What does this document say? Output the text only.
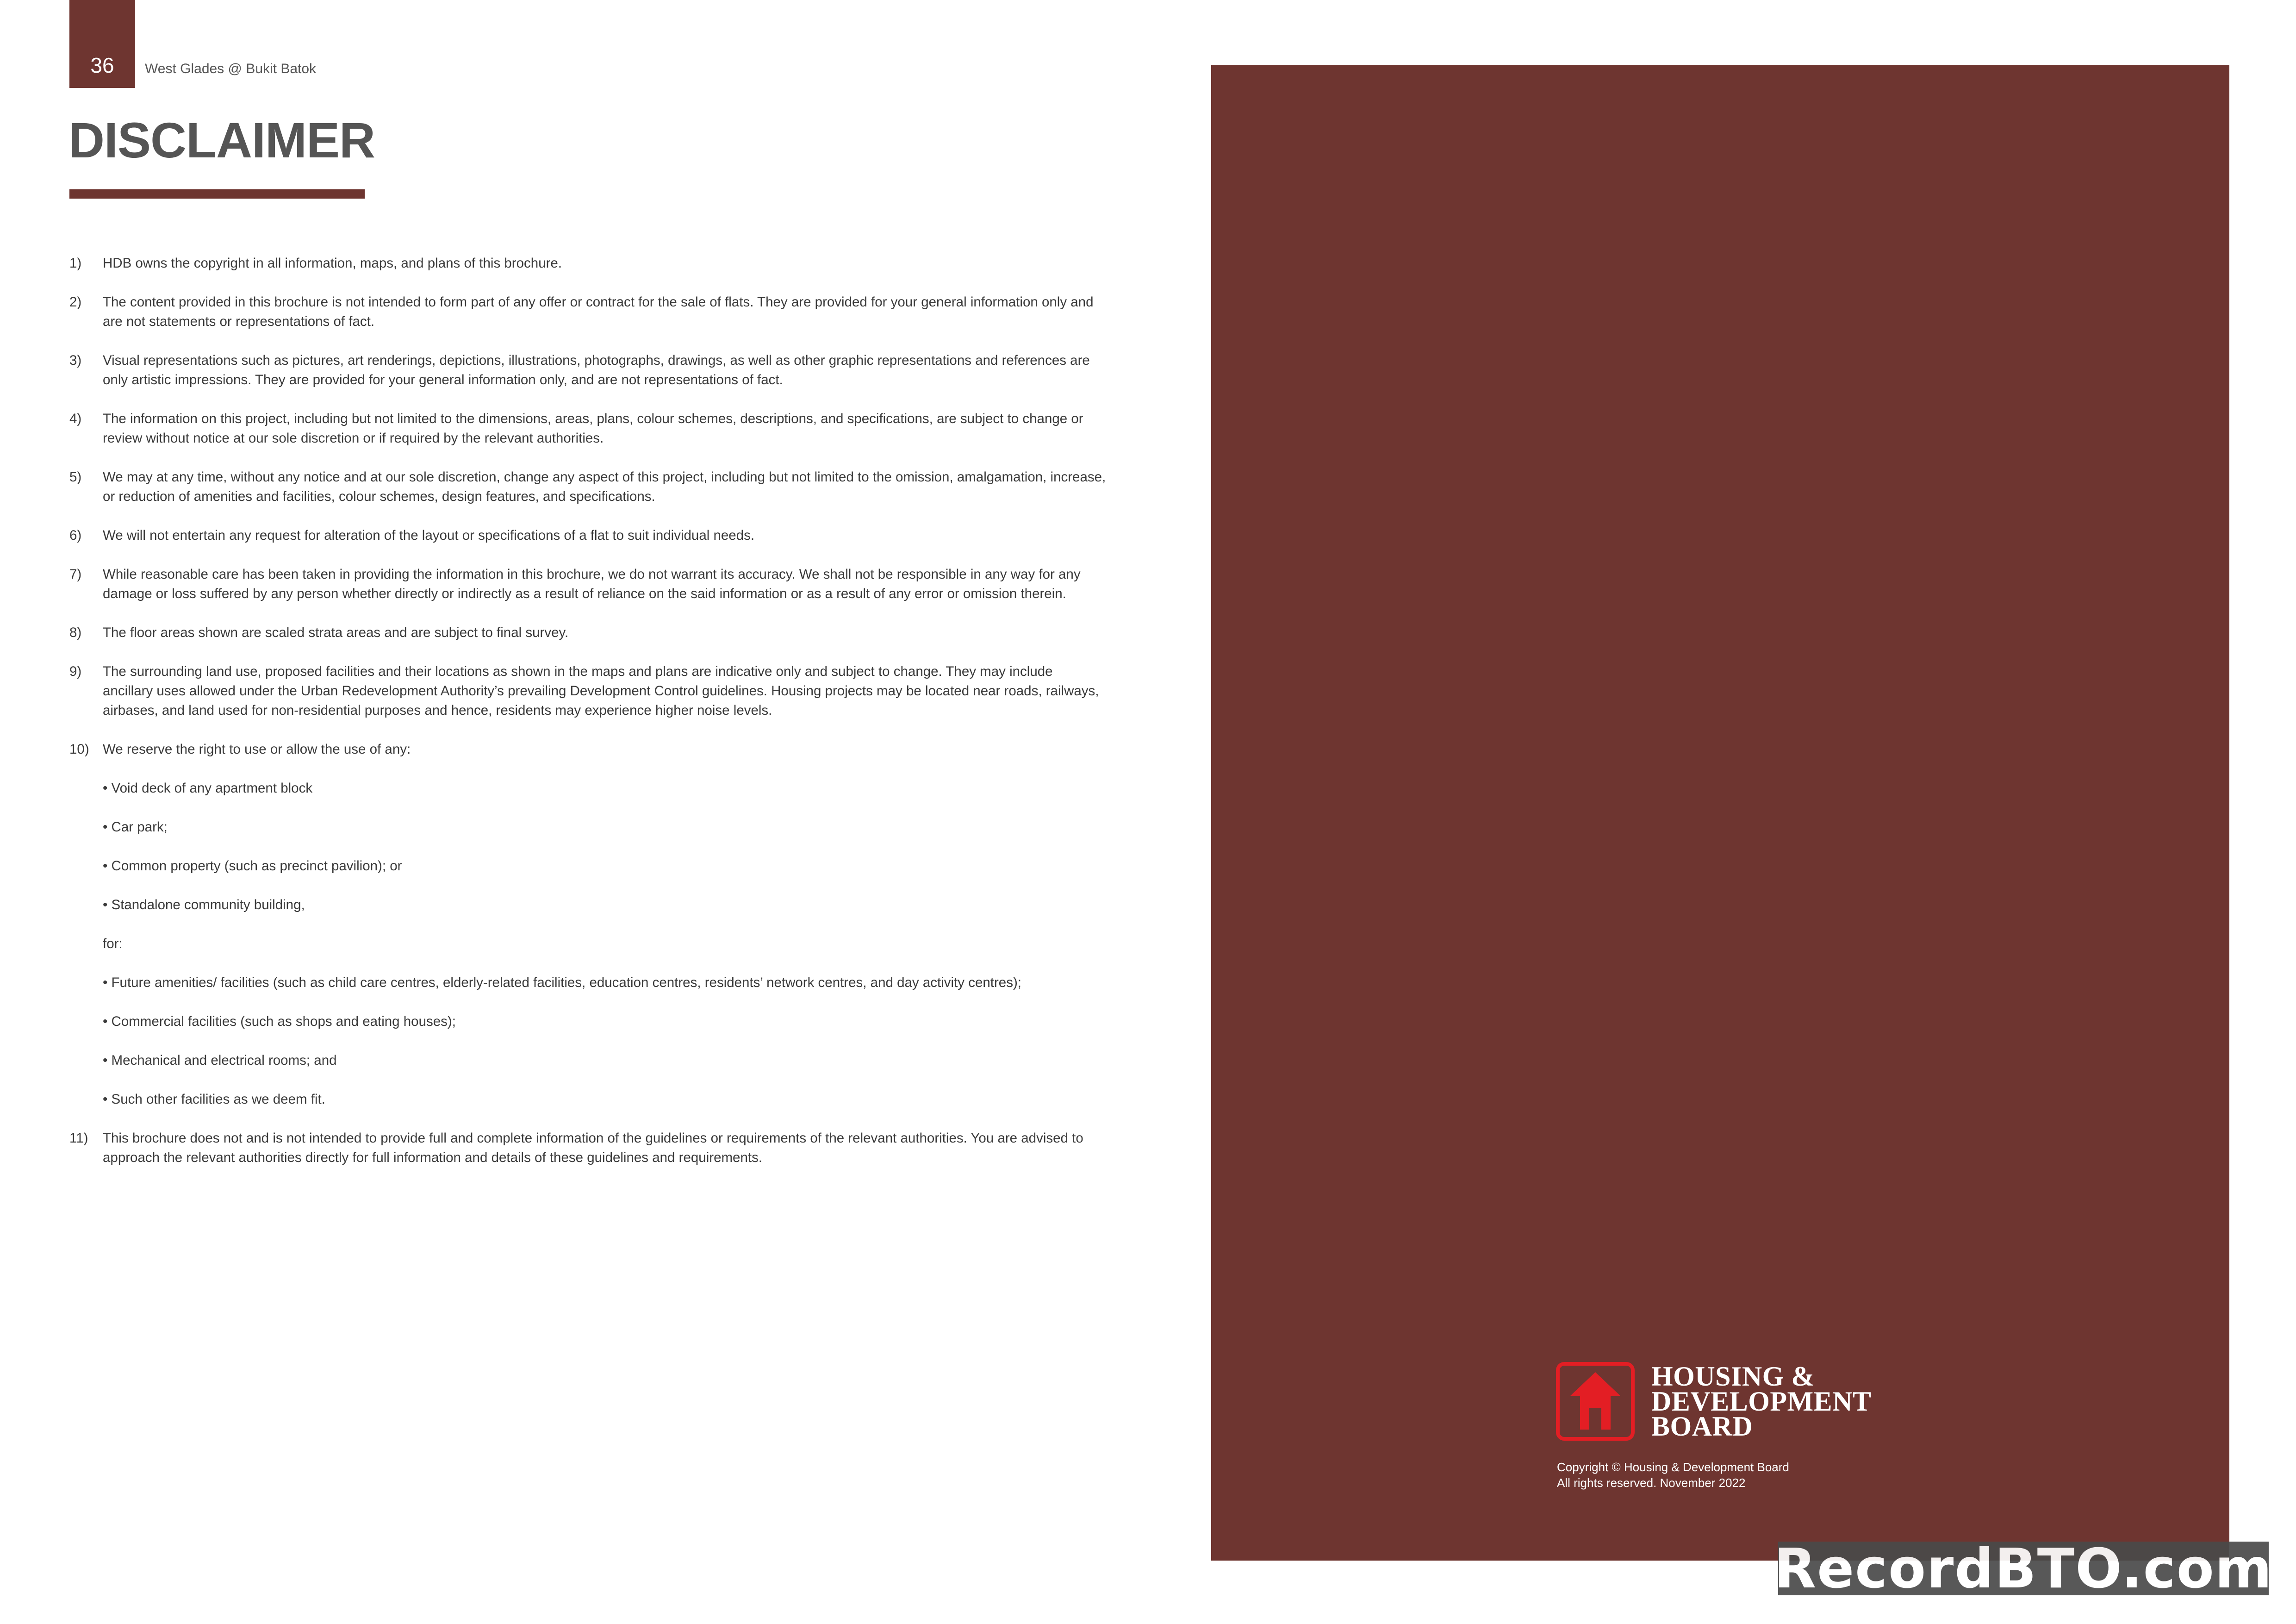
36 West Glades @ Bukit Batok
DISCLAIMER
1)	HDB owns the copyright in all information, maps, and plans of this brochure.

2)	The content provided in this brochure is not intended to form part of any offer or contract for the sale of flats. They are provided for your general information only and are not statements or representations of fact.

3)	Visual representations such as pictures, art renderings, depictions, illustrations, photographs, drawings, as well as other graphic representations and references are only artistic impressions. They are provided for your general information only, and are not representations of fact.

4)	The information on this project, including but not limited to the dimensions, areas, plans, colour schemes, descriptions, and specifications, are subject to change or review without notice at our sole discretion or if required by the relevant authorities.

5)	We may at any time, without any notice and at our sole discretion, change any aspect of this project, including but not limited to the omission, amalgamation, increase, or reduction of amenities and facilities, colour schemes, design features, and specifications.

6)	We will not entertain any request for alteration of the layout or specifications of a flat to suit individual needs.

7)	While reasonable care has been taken in providing the information in this brochure, we do not warrant its accuracy. We shall not be responsible in any way for any damage or loss suffered by any person whether directly or indirectly as a result of reliance on the said information or as a result of any error or omission therein.

8)	The floor areas shown are scaled strata areas and are subject to final survey.

9)	The surrounding land use, proposed facilities and their locations as shown in the maps and plans are indicative only and subject to change. They may include ancillary uses allowed under the Urban Redevelopment Authority’s prevailing Development Control guidelines. Housing projects may be located near roads, railways, airbases, and land used for non-residential purposes and hence, residents may experience higher noise levels.

10) We reserve the right to use or allow the use of any:

• Void deck of any apartment block
• Car park;
• Common property (such as precinct pavilion); or
• Standalone community building,
for:
• Future amenities/ facilities (such as child care centres, elderly-related facilities, education centres, residents’ network centres, and day activity centres);
• Commercial facilities (such as shops and eating houses);
• Mechanical and electrical rooms; and
• Such other facilities as we deem fit.
11)	This brochure does not and is not intended to provide full and complete information of the guidelines or requirements of the relevant authorities. You are advised to approach the relevant authorities directly for full information and details of these guidelines and requirements.

HOUSING &
DEVELOPMENT
BOARD
Copyright © Housing & Development Board
All rights reserved. November 2022
RecordBTO.com
